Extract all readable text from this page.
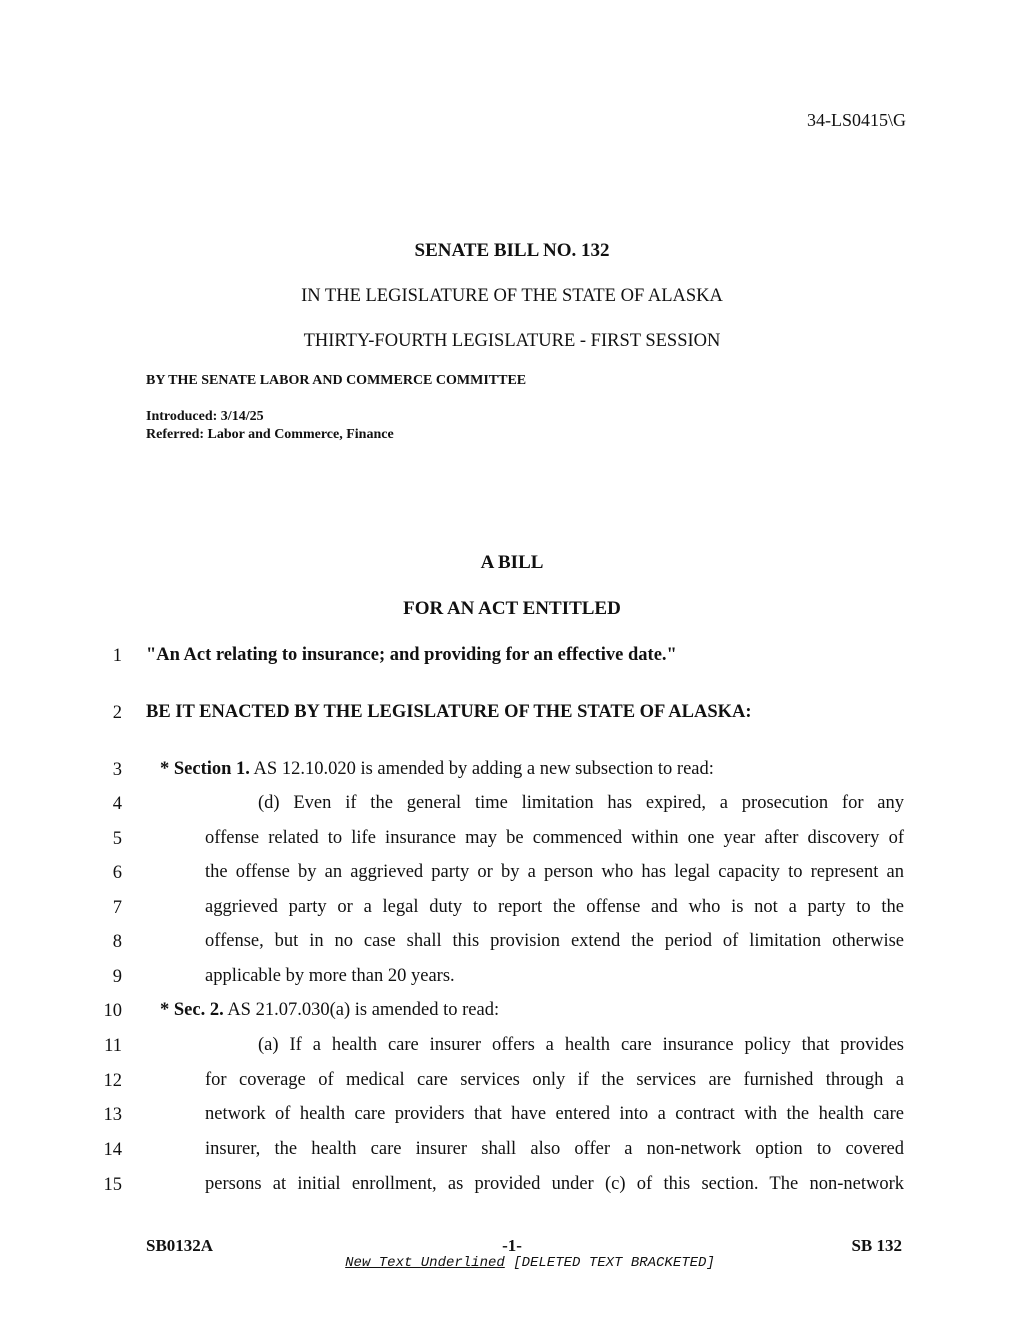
34-LS0415\G
SENATE BILL NO. 132
IN THE LEGISLATURE OF THE STATE OF ALASKA
THIRTY-FOURTH LEGISLATURE - FIRST SESSION
BY THE SENATE LABOR AND COMMERCE COMMITTEE
Introduced: 3/14/25
Referred: Labor and Commerce, Finance
A BILL
FOR AN ACT ENTITLED
1 "An Act relating to insurance; and providing for an effective date."
2 BE IT ENACTED BY THE LEGISLATURE OF THE STATE OF ALASKA:
3 * Section 1. AS 12.10.020 is amended by adding a new subsection to read:
4	(d) Even if the general time limitation has expired, a prosecution for any
5	offense related to life insurance may be commenced within one year after discovery of
6	the offense by an aggrieved party or by a person who has legal capacity to represent an
7	aggrieved party or a legal duty to report the offense and who is not a party to the
8	offense, but in no case shall this provision extend the period of limitation otherwise
9	applicable by more than 20 years.
10 * Sec. 2. AS 21.07.030(a) is amended to read:
11	(a) If a health care insurer offers a health care insurance policy that provides
12	for coverage of medical care services only if the services are furnished through a
13	network of health care providers that have entered into a contract with the health care
14	insurer, the health care insurer shall also offer a non-network option to covered
15	persons at initial enrollment, as provided under (c) of this section. The non-network
SB0132A	-1-	SB 132
New Text Underlined [DELETED TEXT BRACKETED]
